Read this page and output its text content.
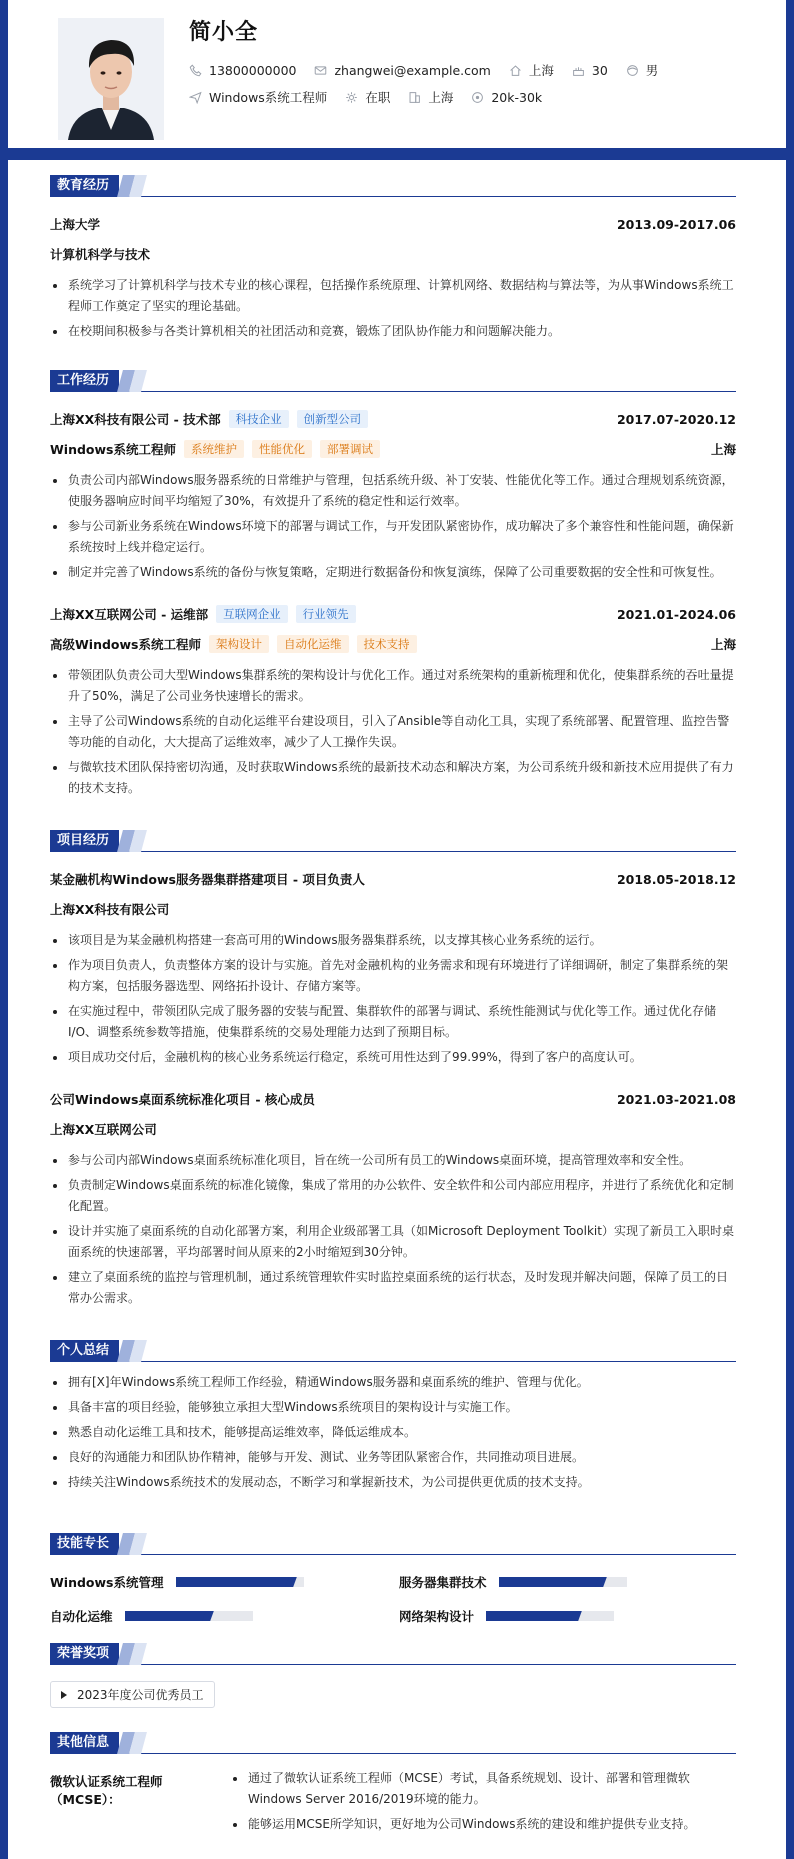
简小全
13800000000	zhangwei@example.com	上海	30	男
Windows系统工程师	在职	上海	20k-30k
教育经历
上海大学	2013.09-2017.06
计算机科学与技术
系统学习了计算机科学与技术专业的核心课程，包括操作系统原理、计算机网络、数据结构与算法等，为从事Windows系统工程师工作奠定了坚实的理论基础。
在校期间积极参与各类计算机相关的社团活动和竞赛，锻炼了团队协作能力和问题解决能力。
工作经历
上海XX科技有限公司 - 技术部	科技企业	创新型公司	2017.07-2020.12
Windows系统工程师	系统维护	性能优化	部署调试	上海
负责公司内部Windows服务器系统的日常维护与管理，包括系统升级、补丁安装、性能优化等工作。通过合理规划系统资源，使服务器响应时间平均缩短了30%，有效提升了系统的稳定性和运行效率。
参与公司新业务系统在Windows环境下的部署与调试工作，与开发团队紧密协作，成功解决了多个兼容性和性能问题，确保新系统按时上线并稳定运行。
制定并完善了Windows系统的备份与恢复策略，定期进行数据备份和恢复演练，保障了公司重要数据的安全性和可恢复性。
上海XX互联网公司 - 运维部	互联网企业	行业领先	2021.01-2024.06
高级Windows系统工程师	架构设计	自动化运维	技术支持	上海
带领团队负责公司大型Windows集群系统的架构设计与优化工作。通过对系统架构的重新梳理和优化，使集群系统的吞吐量提升了50%，满足了公司业务快速增长的需求。
主导了公司Windows系统的自动化运维平台建设项目，引入了Ansible等自动化工具，实现了系统部署、配置管理、监控告警等功能的自动化，大大提高了运维效率，减少了人工操作失误。
与微软技术团队保持密切沟通，及时获取Windows系统的最新技术动态和解决方案，为公司系统升级和新技术应用提供了有力的技术支持。
项目经历
某金融机构Windows服务器集群搭建项目 - 项目负责人	2018.05-2018.12
上海XX科技有限公司
该项目是为某金融机构搭建一套高可用的Windows服务器集群系统，以支撑其核心业务系统的运行。
作为项目负责人，负责整体方案的设计与实施。首先对金融机构的业务需求和现有环境进行了详细调研，制定了集群系统的架构方案，包括服务器选型、网络拓扑设计、存储方案等。
在实施过程中，带领团队完成了服务器的安装与配置、集群软件的部署与调试、系统性能测试与优化等工作。通过优化存储I/O、调整系统参数等措施，使集群系统的交易处理能力达到了预期目标。
项目成功交付后，金融机构的核心业务系统运行稳定，系统可用性达到了99.99%，得到了客户的高度认可。
公司Windows桌面系统标准化项目 - 核心成员	2021.03-2021.08
上海XX互联网公司
参与公司内部Windows桌面系统标准化项目，旨在统一公司所有员工的Windows桌面环境，提高管理效率和安全性。
负责制定Windows桌面系统的标准化镜像，集成了常用的办公软件、安全软件和公司内部应用程序，并进行了系统优化和定制化配置。
设计并实施了桌面系统的自动化部署方案，利用企业级部署工具（如Microsoft Deployment Toolkit）实现了新员工入职时桌面系统的快速部署，平均部署时间从原来的2小时缩短到30分钟。
建立了桌面系统的监控与管理机制，通过系统管理软件实时监控桌面系统的运行状态，及时发现并解决问题，保障了员工的日常办公需求。
个人总结
拥有[X]年Windows系统工程师工作经验，精通Windows服务器和桌面系统的维护、管理与优化。
具备丰富的项目经验，能够独立承担大型Windows系统项目的架构设计与实施工作。
熟悉自动化运维工具和技术，能够提高运维效率，降低运维成本。
良好的沟通能力和团队协作精神，能够与开发、测试、业务等团队紧密合作，共同推动项目进展。
持续关注Windows系统技术的发展动态，不断学习和掌握新技术，为公司提供更优质的技术支持。
技能专长
Windows系统管理	服务器集群技术
自动化运维	网络架构设计
荣誉奖项
2023年度公司优秀员工
其他信息
微软认证系统工程师（MCSE）：
通过了微软认证系统工程师（MCSE）考试，具备系统规划、设计、部署和管理微软Windows Server 2016/2019环境的能力。
能够运用MCSE所学知识，更好地为公司Windows系统的建设和维护提供专业支持。
